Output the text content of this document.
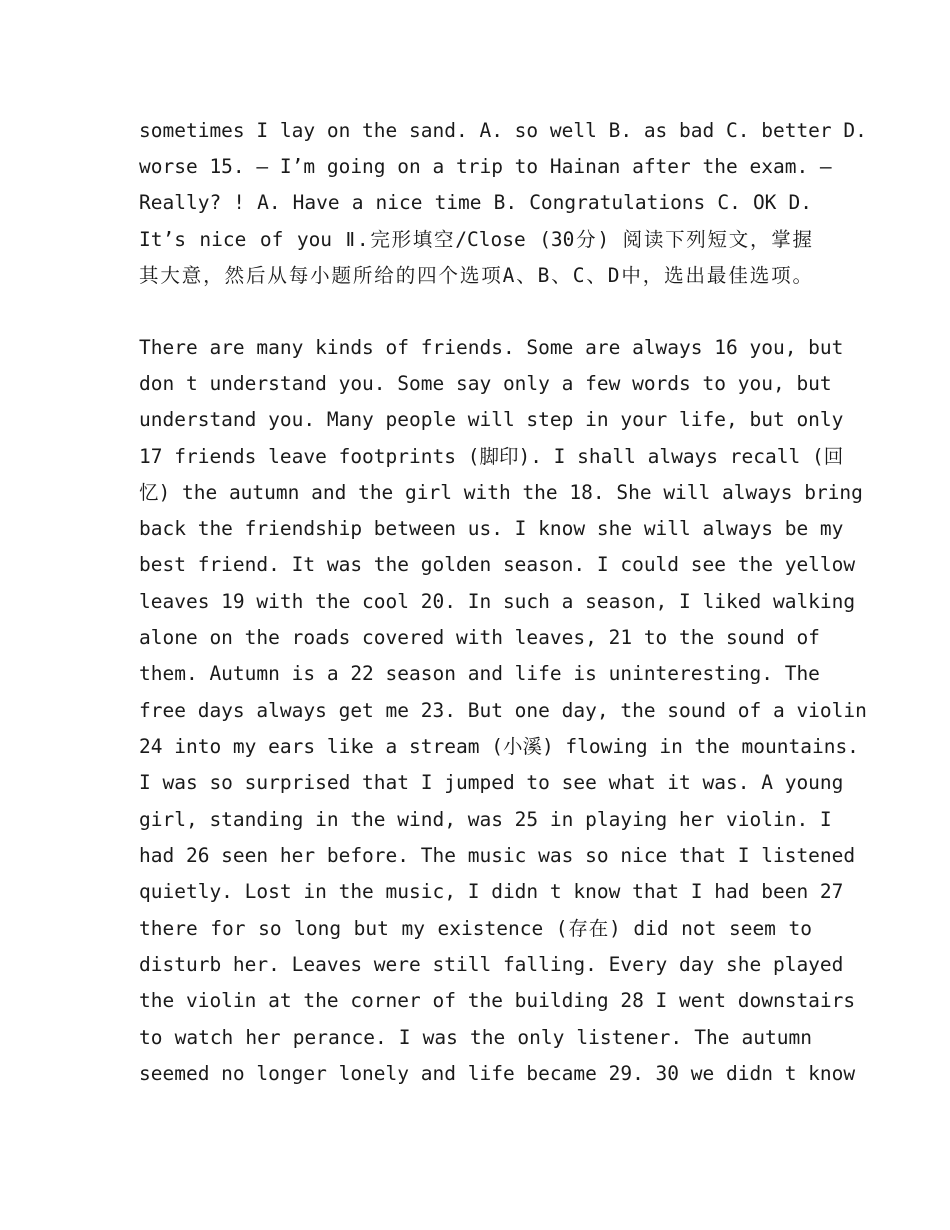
sometimes I lay on the sand. A. so well B. as bad C. better D.
worse 15. — I’m going on a trip to Hainan after the exam. —
Really? ! A. Have a nice time B. Congratulations C. OK D.
It’s nice of you Ⅱ.完形填空/Close (30分) 阅读下列短文，掌握
其大意，然后从每小题所给的四个选项A、B、C、D中，选出最佳选项。
There are many kinds of friends. Some are always 16 you, but
don t understand you. Some say only a few words to you, but
understand you. Many people will step in your life, but only
17 friends leave footprints (脚印). I shall always recall (回
忆) the autumn and the girl with the 18. She will always bring
back the friendship between us. I know she will always be my
best friend. It was the golden season. I could see the yellow
leaves 19 with the cool 20. In such a season, I liked walking
alone on the roads covered with leaves, 21 to the sound of
them. Autumn is a 22 season and life is uninteresting. The
free days always get me 23. But one day, the sound of a violin
24 into my ears like a stream (小溪) flowing in the mountains.
I was so surprised that I jumped to see what it was. A young
girl, standing in the wind, was 25 in playing her violin. I
had 26 seen her before. The music was so nice that I listened
quietly. Lost in the music, I didn t know that I had been 27
there for so long but my existence (存在) did not seem to
disturb her. Leaves were still falling. Every day she played
the violin at the corner of the building 28 I went downstairs
to watch her perance. I was the only listener. The autumn
seemed no longer lonely and life became 29. 30 we didn t know
